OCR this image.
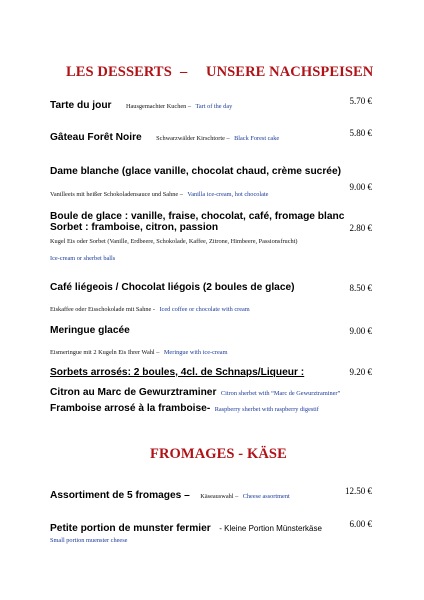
LES DESSERTS – UNSERE NACHSPEISEN
Tarte du jour Hausgemachter Kuchen – Tart of the day
5.70 €
Gâteau Forêt Noire Schwarzwälder Kirschtorte – Black Forest cake
5.80 €
Dame blanche (glace vanille, chocolat chaud, crème sucrée)
Vanilleeis mit heißer Schokoladensauce und Sahne – Vanilla ice-cream, hot chocolate
9.00 €
Boule de glace : vanille, fraise, chocolat, café, fromage blanc
Sorbet : framboise, citron, passion	2.80 €
Kugel Eis oder Sorbet (Vanille, Erdbeere, Schokolade, Kaffee, Zitrone, Himbeere, Passionsfrucht)
Ice-cream or sherbet balls
Café liégeois / Chocolat liégois (2 boules de glace)	8.50 €
Eiskaffee oder Eisschokolade mit Sahne - Iced coffee or chocolate with cream
Meringue glacée	9.00 €
Eismeringue mit 2 Kugeln Eis Ihrer Wahl – Meringue with ice-cream
Sorbets arrosés: 2 boules, 4cl. de Schnaps/Liqueur :	9.20 €
Citron au Marc de Gewurztraminer Citron sherbet with “Marc de Gewurztraminer”
Framboise arrosé à la framboise- Raspberry sherbet with raspberry digestif
FROMAGES - KÄSE
Assortiment de 5 fromages – Käseauswahl – Cheese assortment
12.50 €
Petite portion de munster fermier - Kleine Portion Münsterkäse	6.00 €
Small portion muenster cheese
